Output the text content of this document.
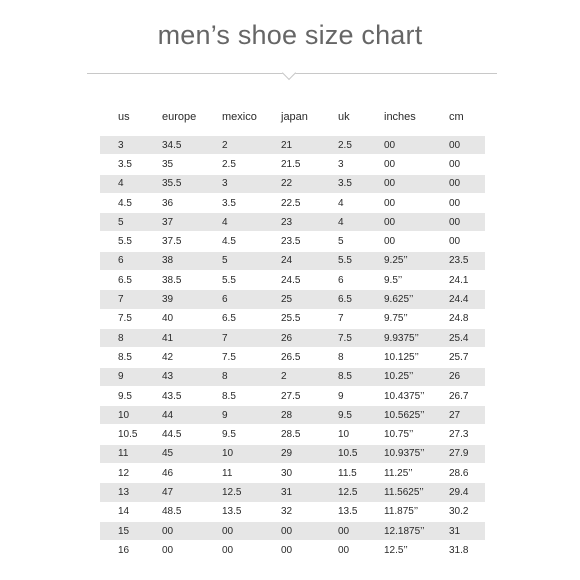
men’s shoe size chart
us	europe	mexico	japan	uk	inches	cm
3	34.5	2	21	2.5	00	00
3.5	35	2.5	21.5	3	00	00
4	35.5	3	22	3.5	00	00
4.5	36	3.5	22.5	4	00	00
5	37	4	23	4	00	00
5.5	37.5	4.5	23.5	5	00	00
6	38	5	24	5.5	9.25’’	23.5
6.5	38.5	5.5	24.5	6	9.5’’	24.1
7	39	6	25	6.5	9.625’’	24.4
7.5	40	6.5	25.5	7	9.75’’	24.8
8	41	7	26	7.5	9.9375’’	25.4
8.5	42	7.5	26.5	8	10.125’’	25.7
9	43	8	2	8.5	10.25’’	26
9.5	43.5	8.5	27.5	9	10.4375’’	26.7
10	44	9	28	9.5	10.5625’’	27
10.5	44.5	9.5	28.5	10	10.75’’	27.3
11	45	10	29	10.5	10.9375’’	27.9
12	46	11	30	11.5	11.25’’	28.6
13	47	12.5	31	12.5	11.5625’’	29.4
14	48.5	13.5	32	13.5	11.875’’	30.2
15	00	00	00	00	12.1875’’	31
16	00	00	00	00	12.5’’	31.8
